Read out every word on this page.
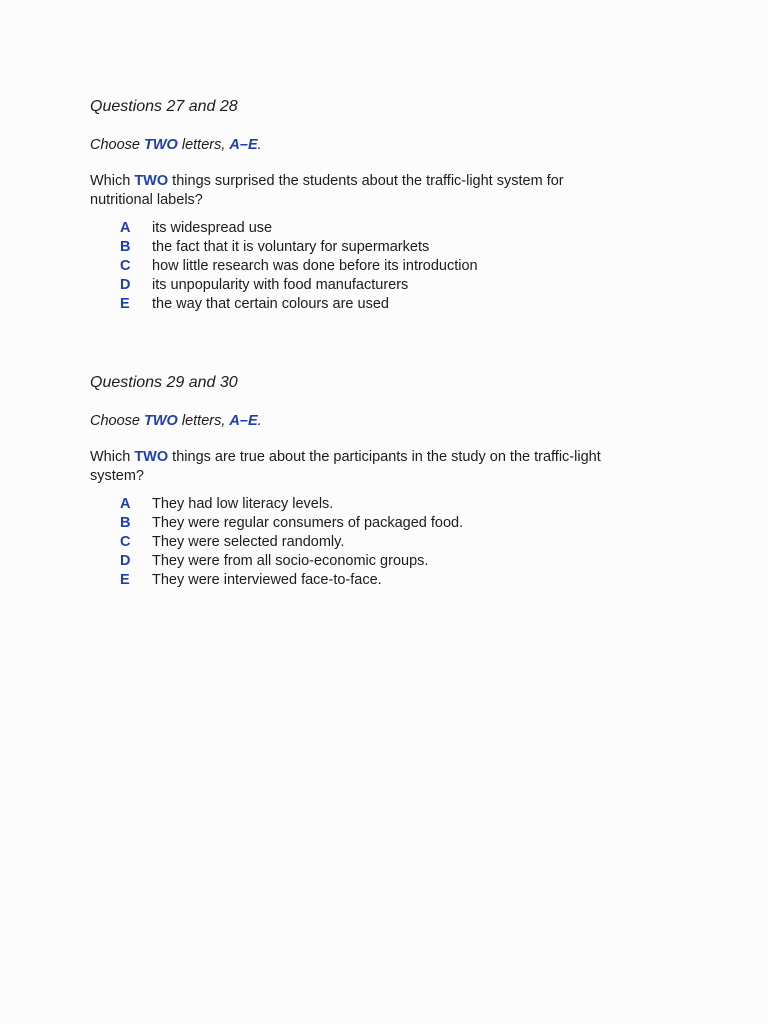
Questions 27 and 28

Choose TWO letters, A–E.
Which TWO things surprised the students about the traffic-light system for
nutritional labels?
A	its widespread use
B	the fact that it is voluntary for supermarkets
C	how little research was done before its introduction
D	its unpopularity with food manufacturers
E	the way that certain colours are used

Questions 29 and 30

Choose TWO letters, A–E.
Which TWO things are true about the participants in the study on the traffic-light
system?
A	They had low literacy levels.
B	They were regular consumers of packaged food.
C	They were selected randomly.
D	They were from all socio-economic groups.
E	They were interviewed face-to-face.
